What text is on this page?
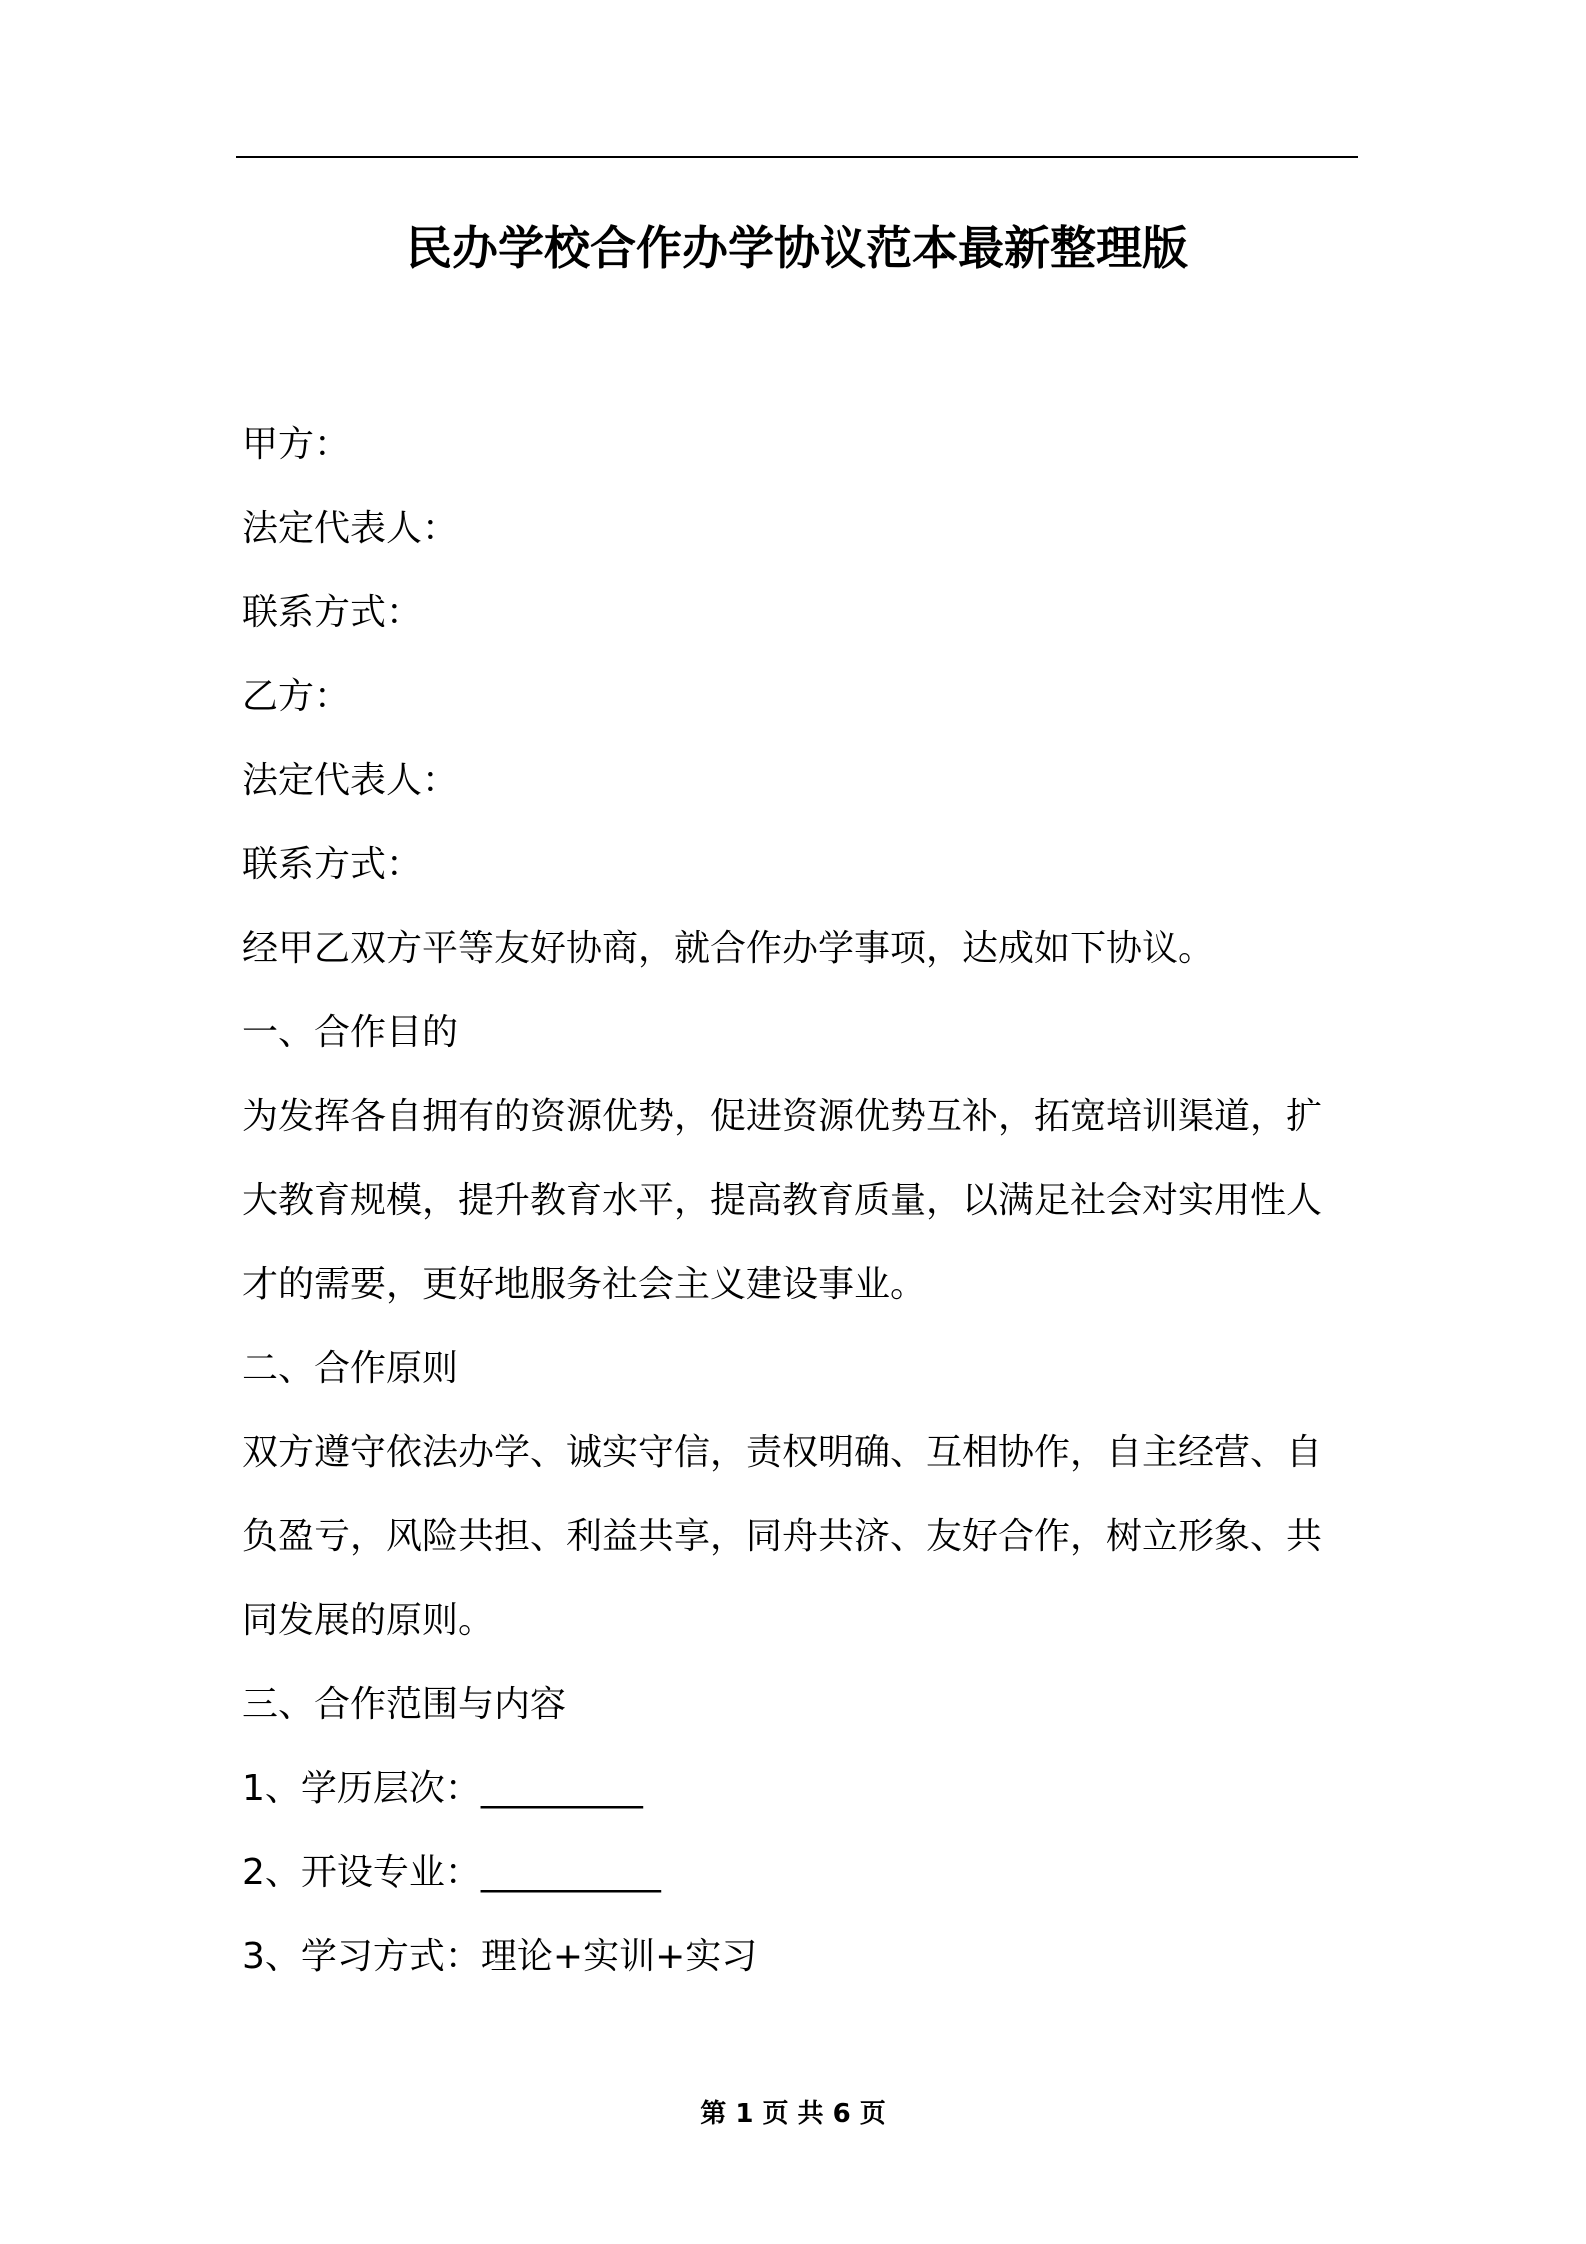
民办学校合作办学协议范本最新整理版
甲方：
法定代表人：
联系方式：
乙方：
法定代表人：
联系方式：
经甲乙双方平等友好协商，就合作办学事项，达成如下协议。
一、合作目的
为发挥各自拥有的资源优势，促进资源优势互补，拓宽培训渠道，扩
大教育规模，提升教育水平，提高教育质量，以满足社会对实用性人
才的需要，更好地服务社会主义建设事业。
二、合作原则
双方遵守依法办学、诚实守信，责权明确、互相协作，自主经营、自
负盈亏，风险共担、利益共享，同舟共济、友好合作，树立形象、共
同发展的原则。
三、合作范围与内容
1、学历层次：_________
2、开设专业：__________
3、学习方式：理论+实训+实习
第 1 页 共 6 页
